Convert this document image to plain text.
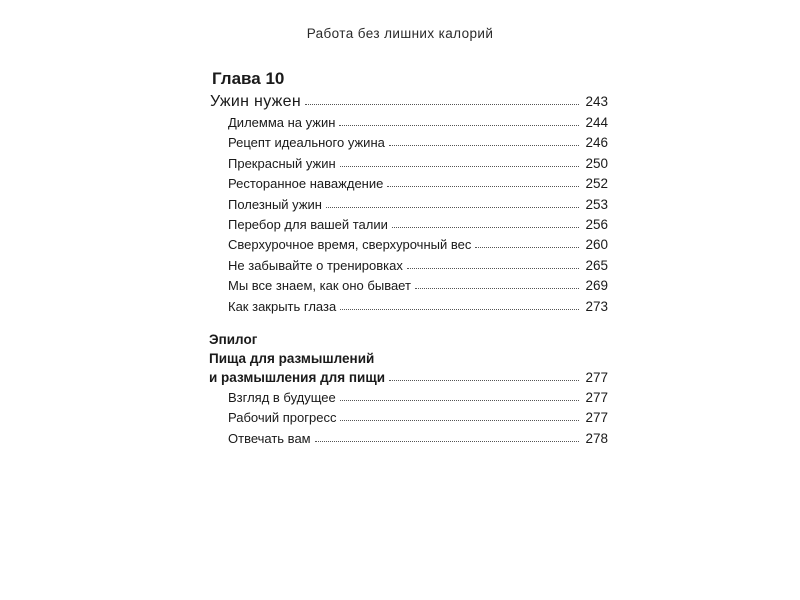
Работа без лишних калорий
Глава 10
Ужин нужен	243
Дилемма на ужин	244
Рецепт идеального ужина	246
Прекрасный ужин	250
Ресторанное наваждение	252
Полезный ужин	253
Перебор для вашей талии	256
Сверхурочное время, сверхурочный вес	260
Не забывайте о тренировках	265
Мы все знаем, как оно бывает	269
Как закрыть глаза	273
Эпилог
Пища для размышлений
и размышления для пищи	277
Взгляд в будущее	277
Рабочий прогресс	277
Отвечать вам	278
